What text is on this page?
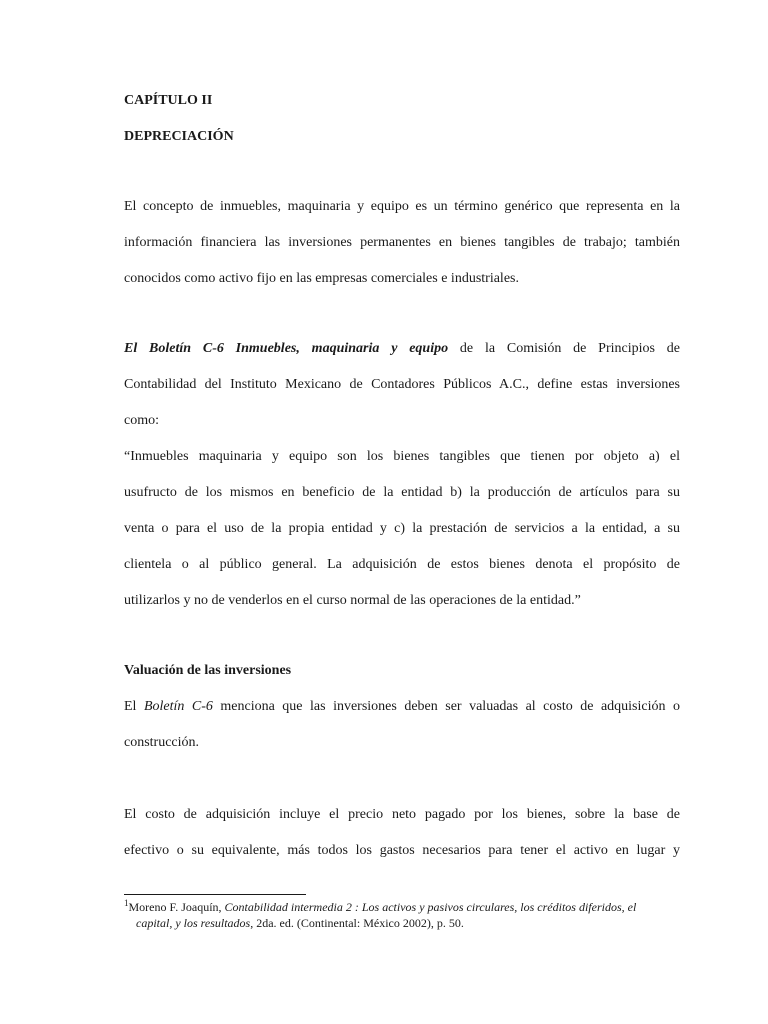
CAPÍTULO II
DEPRECIACIÓN
El concepto de inmuebles, maquinaria y equipo es un término genérico que representa en la
información financiera las inversiones permanentes en bienes tangibles de trabajo; también
conocidos como activo fijo en las empresas comerciales e industriales.
El Boletín C-6 Inmuebles, maquinaria y equipo de la Comisión de Principios de
Contabilidad del Instituto Mexicano de Contadores Públicos A.C., define estas inversiones
como:
“Inmuebles maquinaria y equipo son los bienes tangibles que tienen por objeto a) el
usufructo de los mismos en beneficio de la entidad b) la producción de artículos para su
venta o para el uso de la propia entidad y c) la prestación de servicios a la entidad, a su
clientela o al público general. La adquisición de estos bienes denota el propósito de
utilizarlos y no de venderlos en el curso normal de las operaciones de la entidad.”
Valuación de las inversiones
El Boletín C-6 menciona que las inversiones deben ser valuadas al costo de adquisición o
construcción.
El costo de adquisición incluye el precio neto pagado por los bienes, sobre la base de
efectivo o su equivalente, más todos los gastos necesarios para tener el activo en lugar y
$^1$Moreno F. Joaquín, Contabilidad intermedia 2 : Los activos y pasivos circulares, los créditos diferidos, el
capital, y los resultados, 2da. ed. (Continental: México 2002), p. 50.
